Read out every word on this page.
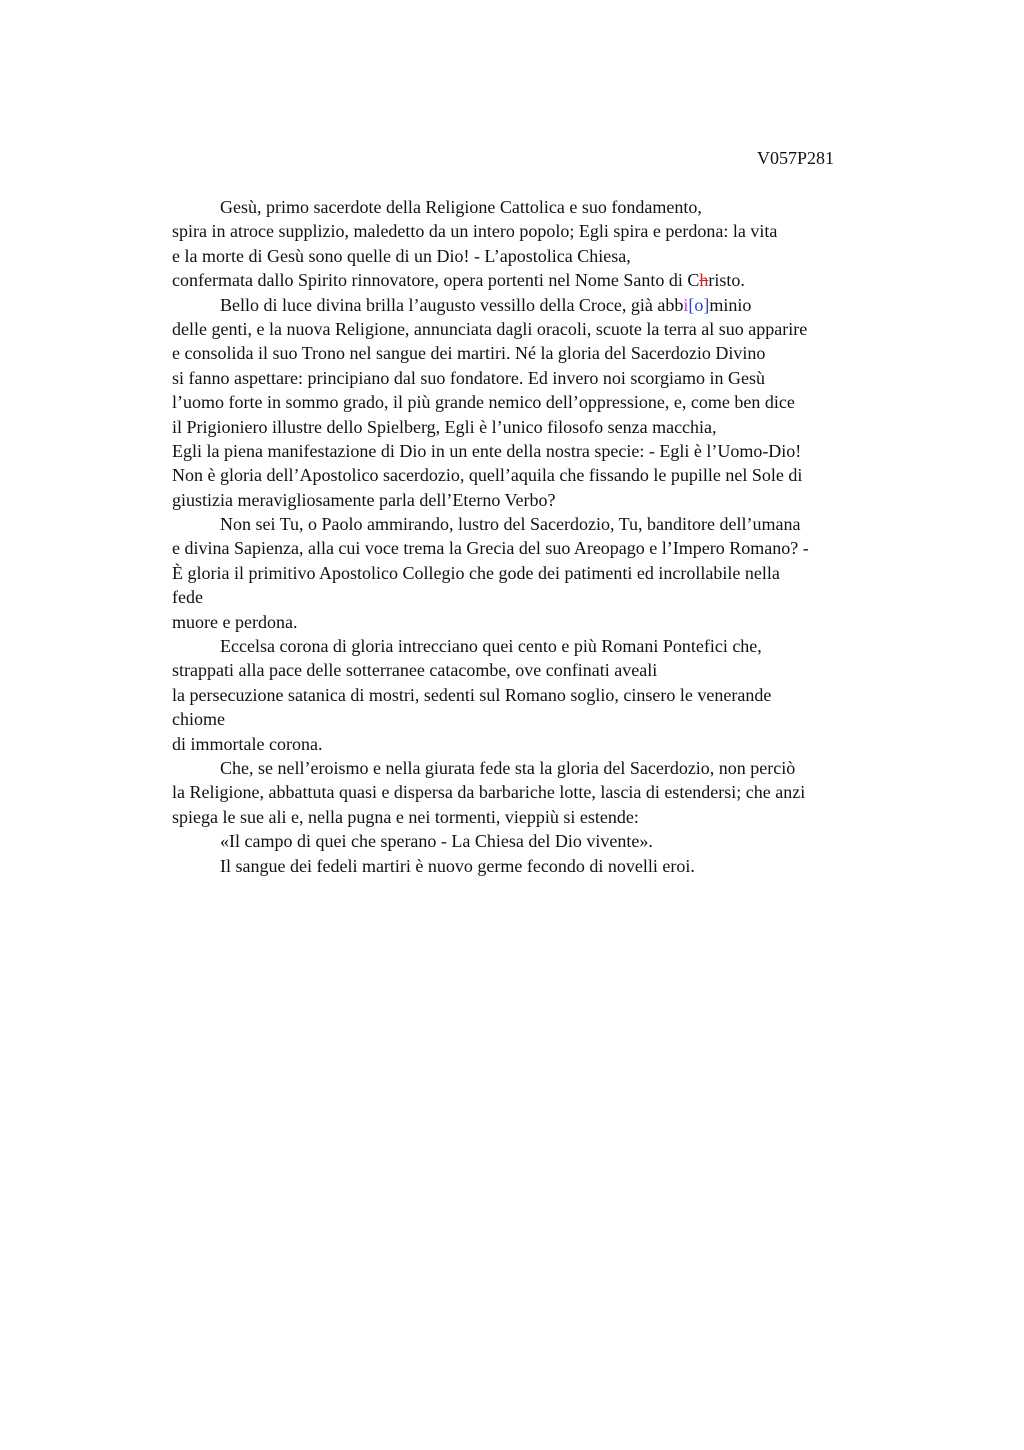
V057P281
Gesù, primo sacerdote della Religione Cattolica e suo fondamento,
spira in atroce supplizio, maledetto da un intero popolo; Egli spira e perdona: la vita
e la morte di Gesù sono quelle di un Dio! - L’apostolica Chiesa,
confermata dallo Spirito rinnovatore, opera portenti nel Nome Santo di Christo.
Bello di luce divina brilla l’augusto vessillo della Croce, già abbi[o]minio
delle genti, e la nuova Religione, annunciata dagli oracoli, scuote la terra al suo apparire
e consolida il suo Trono nel sangue dei martiri. Né la gloria del Sacerdozio Divino
si fanno aspettare: principiano dal suo fondatore. Ed invero noi scorgiamo in Gesù
l’uomo forte in sommo grado, il più grande nemico dell’oppressione, e, come ben dice
il Prigioniero illustre dello Spielberg, Egli è l’unico filosofo senza macchia,
Egli la piena manifestazione di Dio in un ente della nostra specie: - Egli è l’Uomo-Dio!
Non è gloria dell’Apostolico sacerdozio, quell’aquila che fissando le pupille nel Sole di
giustizia meravigliosamente parla dell’Eterno Verbo?
Non sei Tu, o Paolo ammirando, lustro del Sacerdozio, Tu, banditore dell’umana
e divina Sapienza, alla cui voce trema la Grecia del suo Areopago e l’Impero Romano? -
È gloria il primitivo Apostolico Collegio che gode dei patimenti ed incrollabile nella
fede
muore e perdona.
Eccelsa corona di gloria intrecciano quei cento e più Romani Pontefici che,
strappati alla pace delle sotterranee catacombe, ove confinati aveali
la persecuzione satanica di mostri, sedenti sul Romano soglio, cinsero le venerande
chiome
di immortale corona.
Che, se nell’eroismo e nella giurata fede sta la gloria del Sacerdozio, non perciò
la Religione, abbattuta quasi e dispersa da barbariche lotte, lascia di estendersi; che anzi
spiega le sue ali e, nella pugna e nei tormenti, vieppiù si estende:
«Il campo di quei che sperano - La Chiesa del Dio vivente».
Il sangue dei fedeli martiri è nuovo germe fecondo di novelli eroi.
